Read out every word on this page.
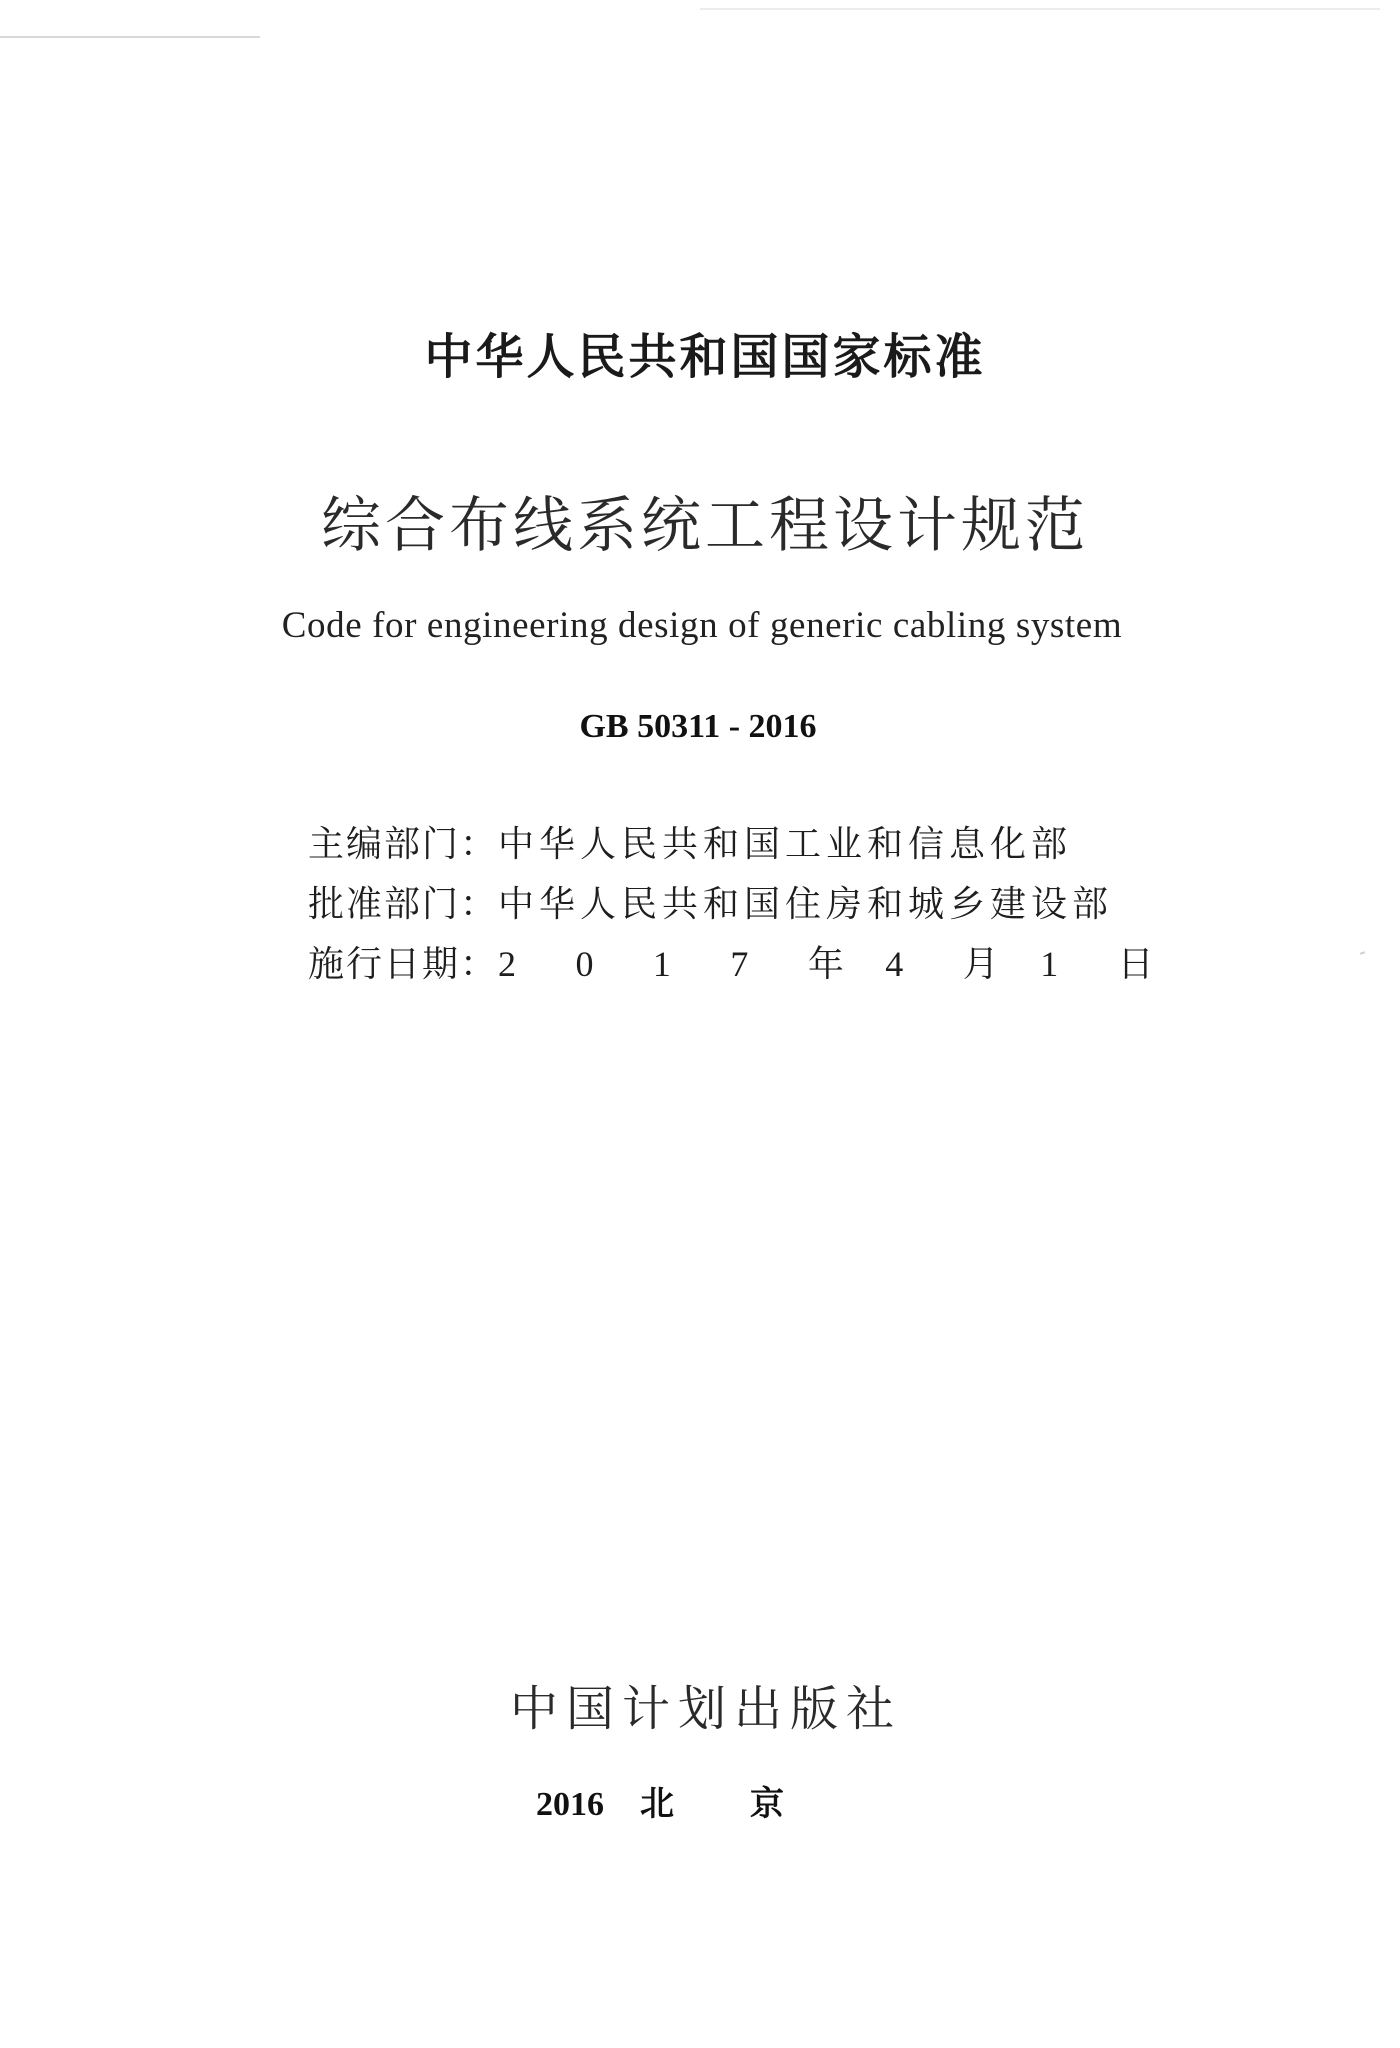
中华人民共和国国家标准
综合布线系统工程设计规范
Code for engineering design of generic cabling system
GB 50311 - 2016
主编部门：中华人民共和国工业和信息化部
批准部门：中华人民共和国住房和城乡建设部
施行日期：2 0 1 7 年 4 月 1 日
中国计划出版社
2016 北京
